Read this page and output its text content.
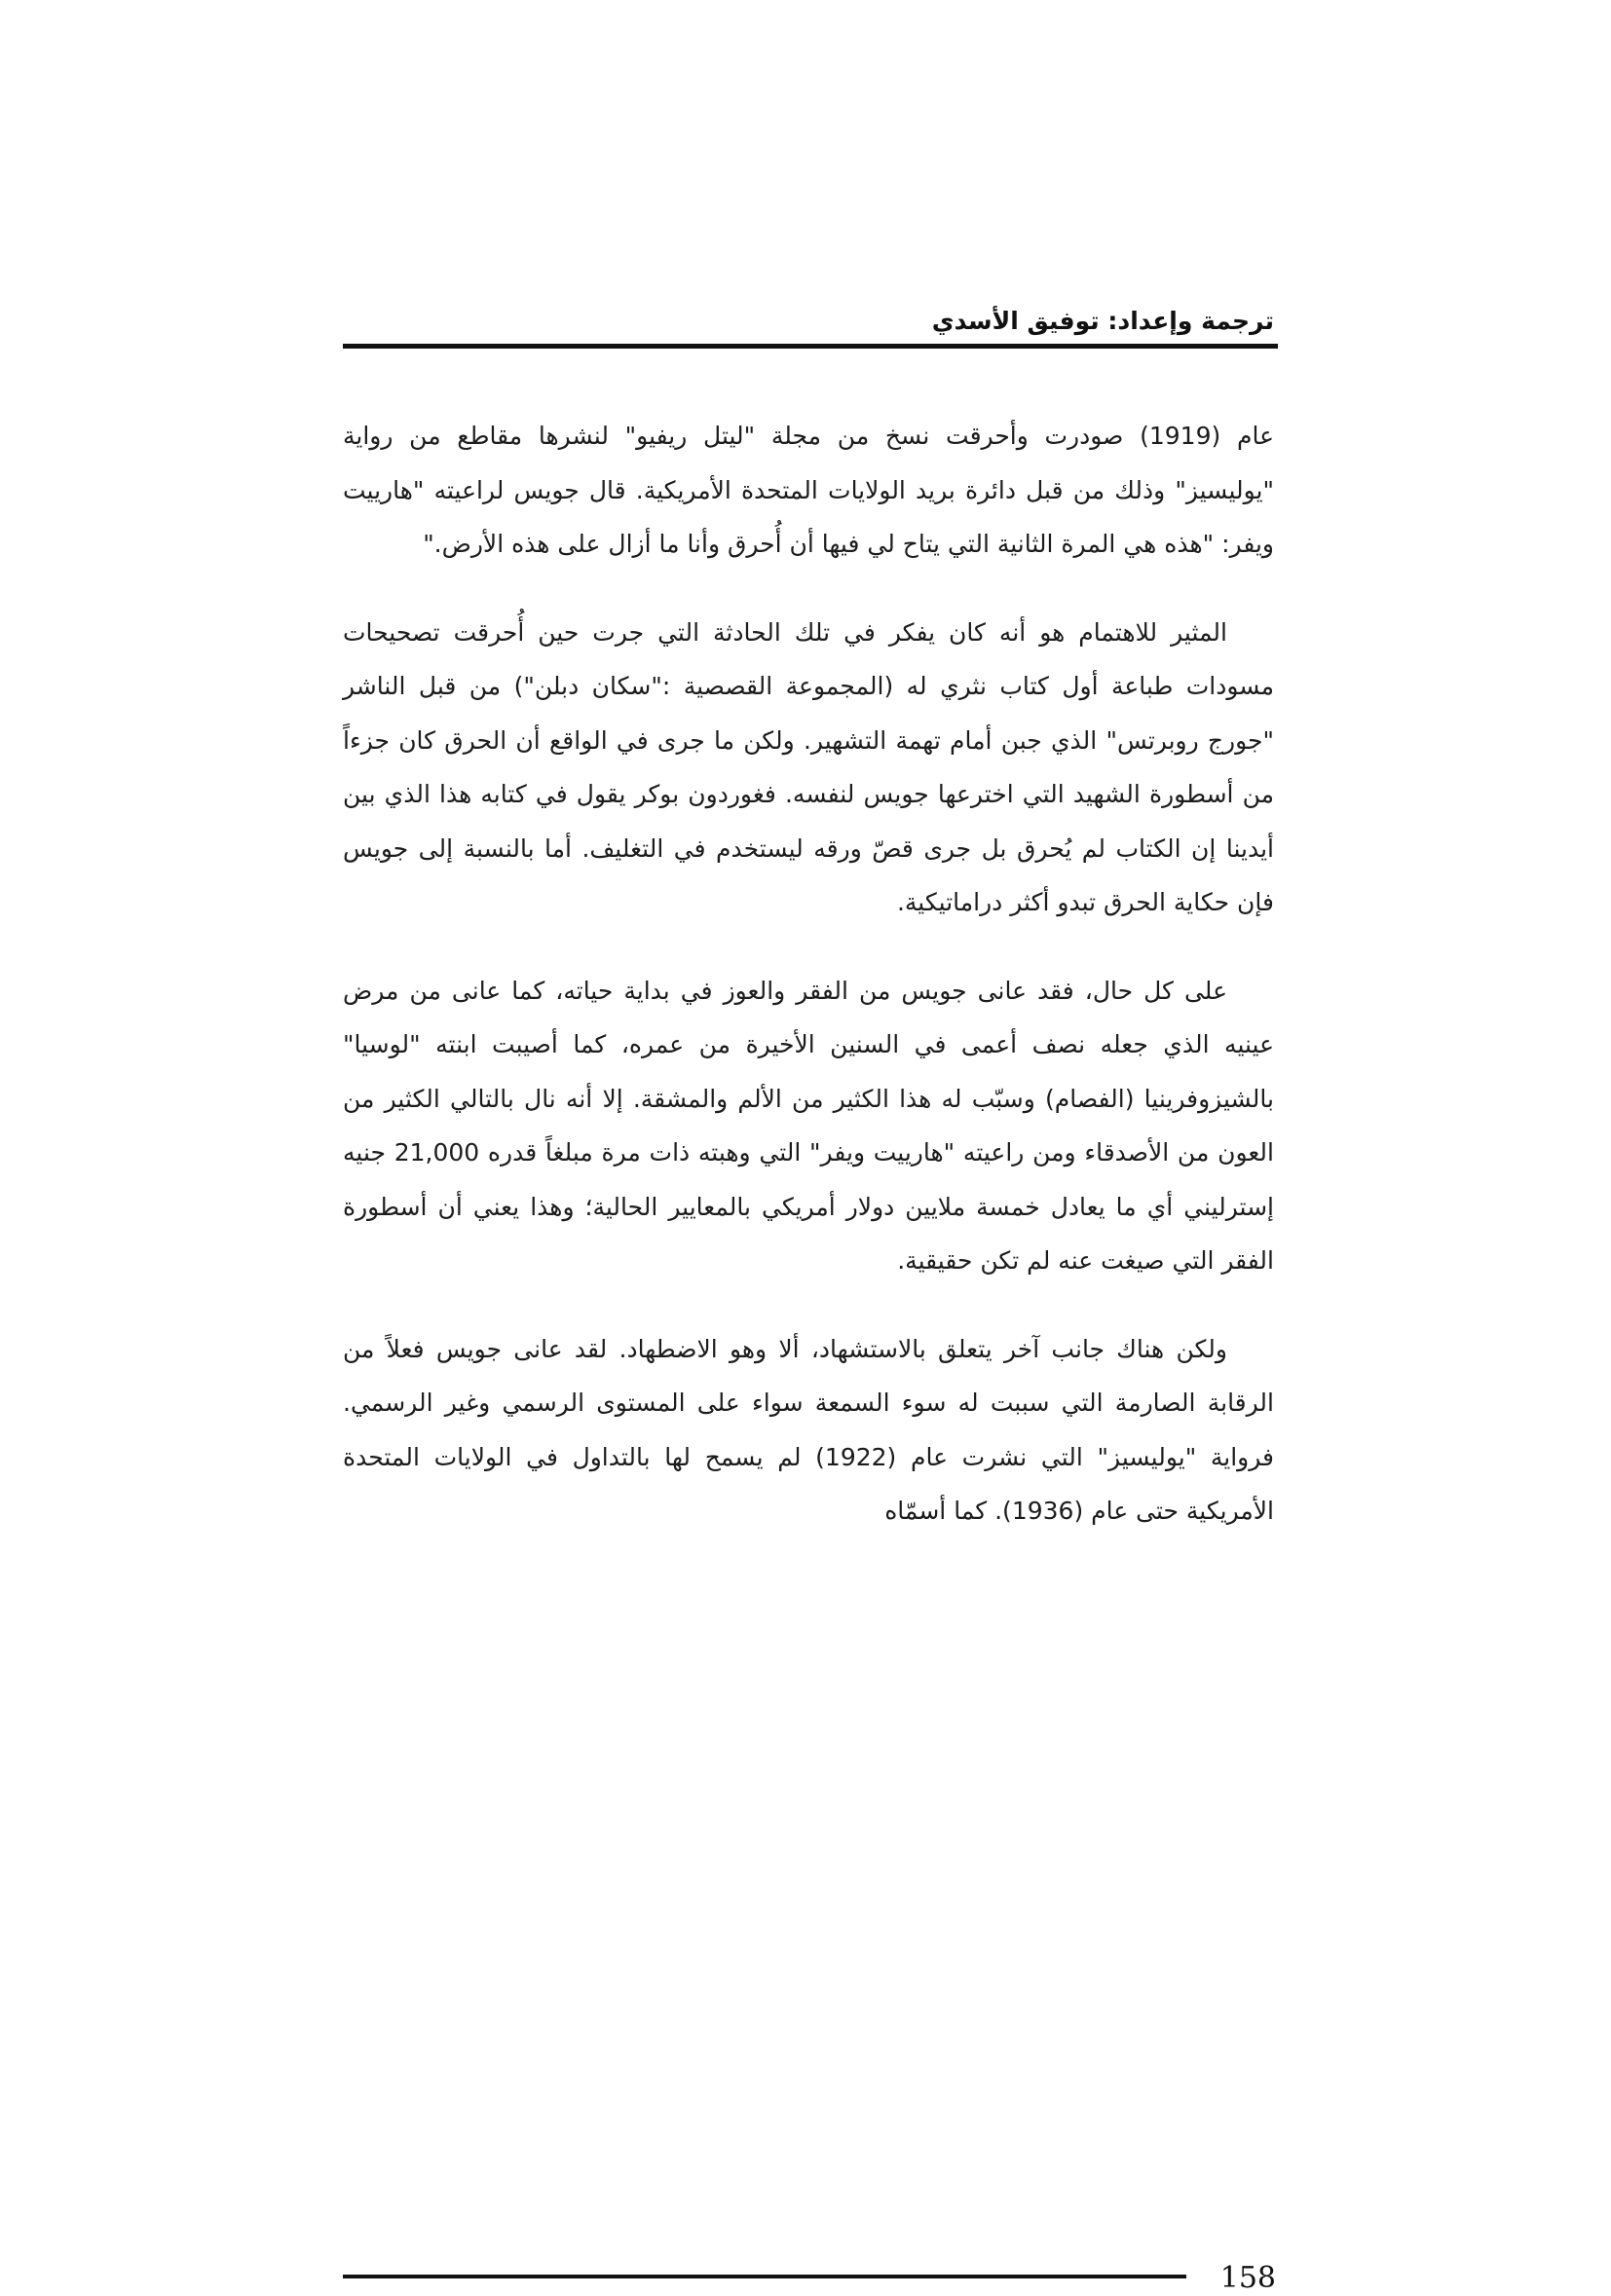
ترجمة وإعداد: توفيق الأسدي

عام (1919) صودرت وأحرقت نسخ من مجلة "ليتل ريفيو" لنشرها مقاطع من رواية "يوليسيز" وذلك من قبل دائرة بريد الولايات المتحدة الأمريكية. قال جويس لراعيته "هارييت ويفر: "هذه هي المرة الثانية التي يتاح لي فيها أن أُحرق وأنا ما أزال على هذه الأرض."

المثير للاهتمام هو أنه كان يفكر في تلك الحادثة التي جرت حين أُحرقت تصحيحات مسودات طباعة أول كتاب نثري له (المجموعة القصصية :"سكان دبلن") من قبل الناشر "جورج روبرتس" الذي جبن أمام تهمة التشهير. ولكن ما جرى في الواقع أن الحرق كان جزءاً من أسطورة الشهيد التي اخترعها جويس لنفسه. فغوردون بوكر يقول في كتابه هذا الذي بين أيدينا إن الكتاب لم يُحرق بل جرى قصّ ورقه ليستخدم في التغليف. أما بالنسبة إلى جويس فإن حكاية الحرق تبدو أكثر دراماتيكية.

على كل حال، فقد عانى جويس من الفقر والعوز في بداية حياته، كما عانى من مرض عينيه الذي جعله نصف أعمى في السنين الأخيرة من عمره، كما أصيبت ابنته "لوسيا" بالشيزوفرينيا (الفصام) وسبّب له هذا الكثير من الألم والمشقة. إلا أنه نال بالتالي الكثير من العون من الأصدقاء ومن راعيته "هارييت ويفر" التي وهبته ذات مرة مبلغاً قدره 21,000 جنيه إسترليني أي ما يعادل خمسة ملايين دولار أمريكي بالمعايير الحالية؛ وهذا يعني أن أسطورة الفقر التي صيغت عنه لم تكن حقيقية.

ولكن هناك جانب آخر يتعلق بالاستشهاد، ألا وهو الاضطهاد. لقد عانى جويس فعلاً من الرقابة الصارمة التي سببت له سوء السمعة سواء على المستوى الرسمي وغير الرسمي. فرواية "يوليسيز" التي نشرت عام (1922) لم يسمح لها بالتداول في الولايات المتحدة الأمريكية حتى عام (1936). كما أسمّاه

158
